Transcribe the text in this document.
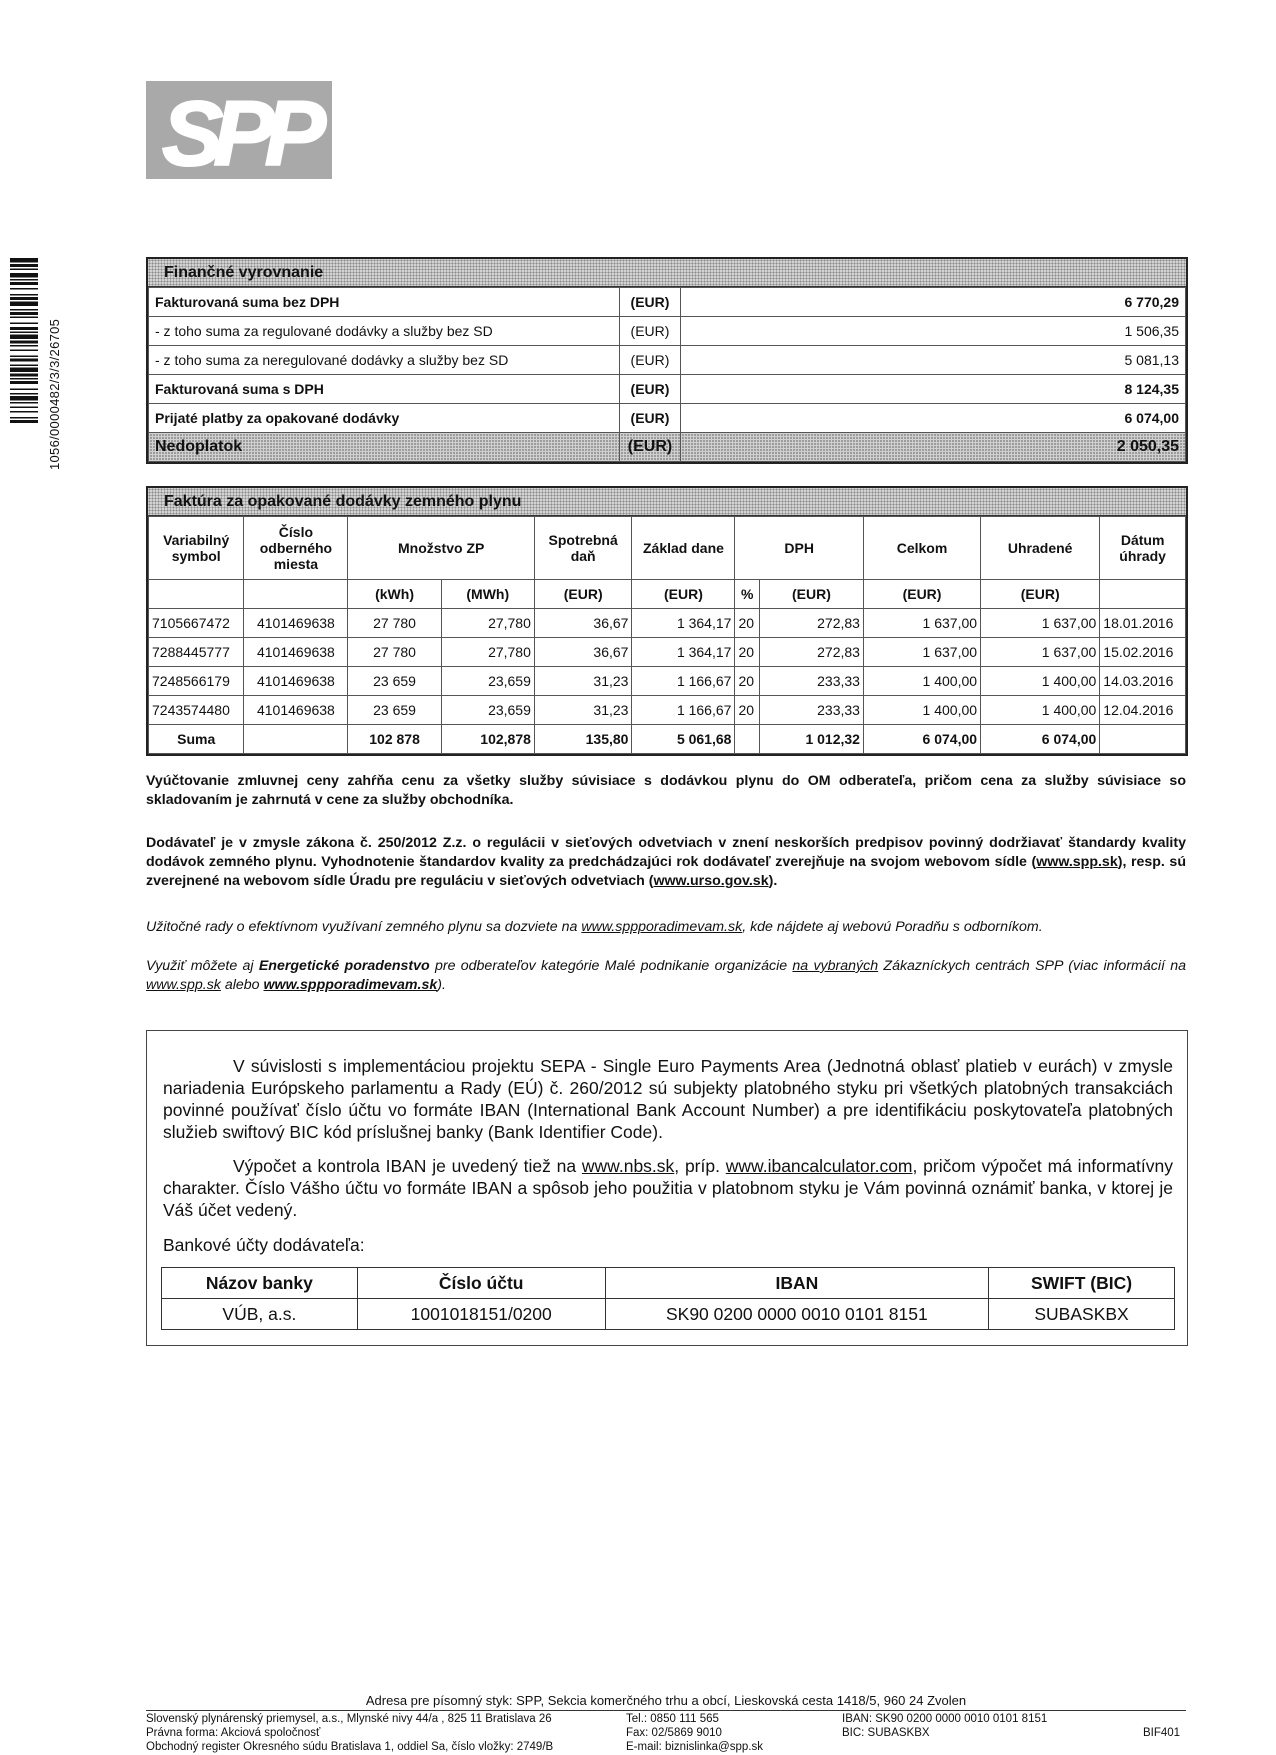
SPP
1056/0000482/3/3/26705
Finančné vyrovnanie
Fakturovaná suma bez DPH	(EUR)	6 770,29
- z toho suma za regulované dodávky a služby bez SD	(EUR)	1 506,35
- z toho suma za neregulované dodávky a služby bez SD	(EUR)	5 081,13
Fakturovaná suma s DPH	(EUR)	8 124,35
Prijaté platby za opakované dodávky	(EUR)	6 074,00
Nedoplatok	(EUR)	2 050,35
Faktúra za opakované dodávky zemného plynu
Variabilný symbol	Číslo odberného miesta	Množstvo ZP		Spotrebná daň	Základ dane	DPH		Celkom	Uhradené	Dátum úhrady
		(kWh)	(MWh)	(EUR)	(EUR)	%	(EUR)	(EUR)	(EUR)	
7105667472	4101469638	27 780	27,780	36,67	1 364,17	20	272,83	1 637,00	1 637,00	18.01.2016
7288445777	4101469638	27 780	27,780	36,67	1 364,17	20	272,83	1 637,00	1 637,00	15.02.2016
7248566179	4101469638	23 659	23,659	31,23	1 166,67	20	233,33	1 400,00	1 400,00	14.03.2016
7243574480	4101469638	23 659	23,659	31,23	1 166,67	20	233,33	1 400,00	1 400,00	12.04.2016
Suma		102 878	102,878	135,80	5 061,68		1 012,32	6 074,00	6 074,00	
Vyúčtovanie zmluvnej ceny zahŕňa cenu za všetky služby súvisiace s dodávkou plynu do OM odberateľa, pričom cena za služby súvisiace so skladovaním je zahrnutá v cene za služby obchodníka.
Dodávateľ je v zmysle zákona č. 250/2012 Z.z. o regulácii v sieťových odvetviach v znení neskorších predpisov povinný dodržiavať štandardy kvality dodávok zemného plynu. Vyhodnotenie štandardov kvality za predchádzajúci rok dodávateľ zverejňuje na svojom webovom sídle (www.spp.sk), resp. sú zverejnené na webovom sídle Úradu pre reguláciu v sieťových odvetviach (www.urso.gov.sk).
Užitočné rady o efektívnom využívaní zemného plynu sa dozviete na www.sppporadimevam.sk, kde nájdete aj webovú Poradňu s odborníkom.
Využiť môžete aj Energetické poradenstvo pre odberateľov kategórie Malé podnikanie organizácie na vybraných Zákazníckych centrách SPP (viac informácií na www.spp.sk alebo www.sppporadimevam.sk).

V súvislosti s implementáciou projektu SEPA - Single Euro Payments Area (Jednotná oblasť platieb v eurách) v zmysle nariadenia Európskeho parlamentu a Rady (EÚ) č. 260/2012 sú subjekty platobného styku pri všetkých platobných transakciách povinné používať číslo účtu vo formáte IBAN (International Bank Account Number) a pre identifikáciu poskytovateľa platobných služieb swiftový BIC kód príslušnej banky (Bank Identifier Code).

Výpočet a kontrola IBAN je uvedený tiež na www.nbs.sk, príp. www.ibancalculator.com, pričom výpočet má informatívny charakter. Číslo Vášho účtu vo formáte IBAN a spôsob jeho použitia v platobnom styku je Vám povinná oznámiť banka, v ktorej je Váš účet vedený.

Bankové účty dodávateľa:

Názov banky	Číslo účtu	IBAN	SWIFT (BIC)
VÚB, a.s.	1001018151/0200	SK90 0200 0000 0010 0101 8151	SUBASKBX
Adresa pre písomný styk: SPP, Sekcia komerčného trhu a obcí, Lieskovská cesta 1418/5, 960 24 Zvolen
Slovenský plynárenský priemysel, a.s., Mlynské nivy 44/a , 825 11 Bratislava 26
Právna forma: Akciová spoločnosť
Obchodný register Okresného súdu Bratislava 1, oddiel Sa, číslo vložky: 2749/B
Tel.: 0850 111 565
Fax: 02/5869 9010
E-mail: biznislinka@spp.sk
IBAN: SK90 0200 0000 0010 0101 8151
BIC: SUBASKBX	BIF401
